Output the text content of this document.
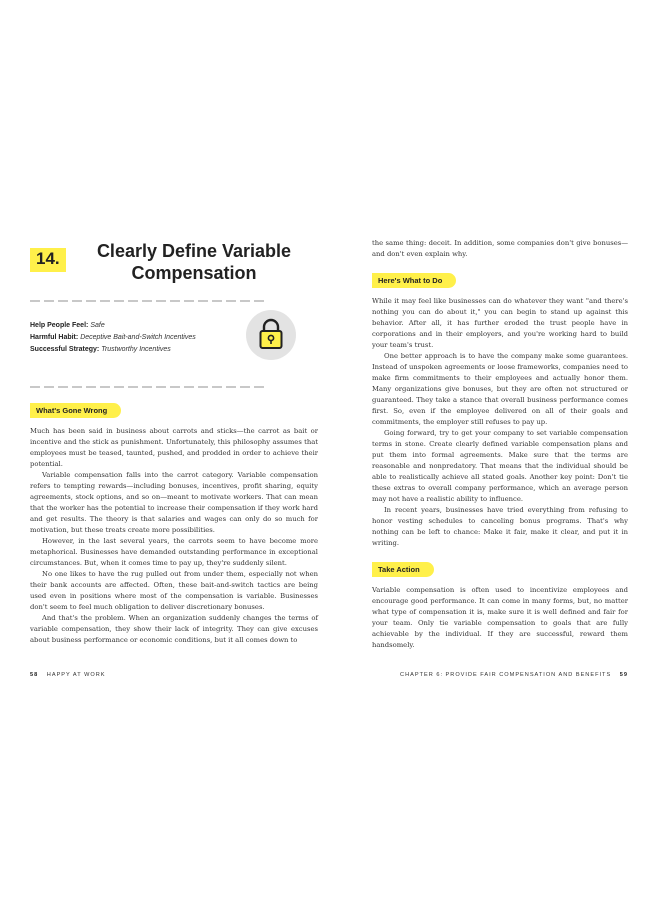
14.	Clearly Define Variable Compensation
Help People Feel: Safe
Harmful Habit: Deceptive Bait-and-Switch Incentives
Successful Strategy: Trustworthy Incentives
What's Gone Wrong

Much has been said in business about carrots and sticks—the carrot as bait or incentive and the stick as punishment. Unfortunately, this philosophy assumes that employees must be teased, taunted, pushed, and prodded in order to achieve their potential.

Variable compensation falls into the carrot category. Variable compensation refers to tempting rewards—including bonuses, incentives, profit sharing, equity agreements, stock options, and so on—meant to motivate workers. That can mean that the worker has the potential to increase their compensation if they work hard and get results. The theory is that salaries and wages can only do so much for motivation, but these treats create more possibilities.

However, in the last several years, the carrots seem to have become more metaphorical. Businesses have demanded outstanding performance in exceptional circumstances. But, when it comes time to pay up, they're suddenly silent.

No one likes to have the rug pulled out from under them, especially not when their bank accounts are affected. Often, these bait-and-switch tactics are being used even in positions where most of the compensation is variable. Businesses don't seem to feel much obligation to deliver discretionary bonuses.

And that's the problem. When an organization suddenly changes the terms of variable compensation, they show their lack of integrity. They can give excuses about business performance or economic conditions, but it all comes down to

the same thing: deceit. In addition, some companies don't give bonuses—and don't even explain why.

Here's What to Do

While it may feel like businesses can do whatever they want "and there's nothing you can do about it," you can begin to stand up against this behavior. After all, it has further eroded the trust people have in corporations and in their employers, and you're working hard to build your team's trust.

One better approach is to have the company make some guarantees. Instead of unspoken agreements or loose frameworks, companies need to make firm commitments to their employees and actually honor them. Many organizations give bonuses, but they are often not structured or guaranteed. They take a stance that overall business performance comes first. So, even if the employee delivered on all of their goals and commitments, the employer still refuses to pay up.

Going forward, try to get your company to set variable compensation terms in stone. Create clearly defined variable compensation plans and put them into formal agreements. Make sure that the terms are reasonable and nonpredatory. That means that the individual should be able to realistically achieve all stated goals. Another key point: Don't tie these extras to overall company performance, which an average person may not have a realistic ability to influence.

In recent years, businesses have tried everything from refusing to honor vesting schedules to canceling bonus programs. That's why nothing can be left to chance: Make it fair, make it clear, and put it in writing.

Take Action

Variable compensation is often used to incentivize employees and encourage good performance. It can come in many forms, but, no matter what type of compensation it is, make sure it is well defined and fair for your team. Only tie variable compensation to goals that are fully achievable by the individual. If they are successful, reward them handsomely.

58 HAPPY AT WORK	CHAPTER 6: PROVIDE FAIR COMPENSATION AND BENEFITS 59
